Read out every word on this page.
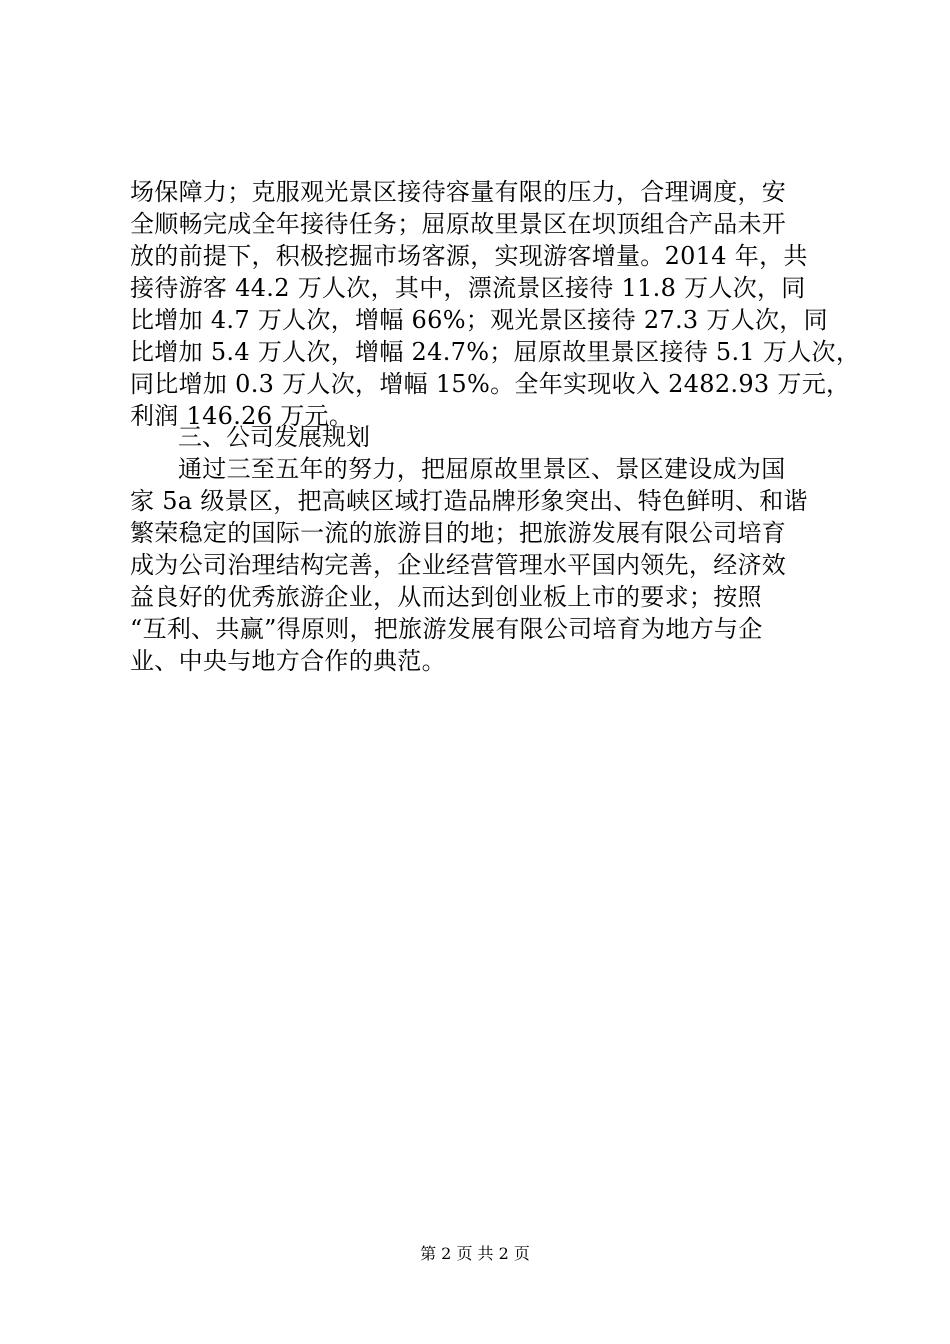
场保障力；克服观光景区接待容量有限的压力，合理调度，安
全顺畅完成全年接待任务；屈原故里景区在坝顶组合产品未开
放的前提下，积极挖掘市场客源，实现游客增量。2014 年，共
接待游客 44.2 万人次，其中，漂流景区接待 11.8 万人次，同
比增加 4.7 万人次，增幅 66%；观光景区接待 27.3 万人次，同
比增加 5.4 万人次，增幅 24.7%；屈原故里景区接待 5.1 万人次，
同比增加 0.3 万人次，增幅 15%。全年实现收入 2482.93 万元，
利润 146.26 万元。
三、公司发展规划
通过三至五年的努力，把屈原故里景区、景区建设成为国
家 5a 级景区，把高峡区域打造品牌形象突出、特色鲜明、和谐
繁荣稳定的国际一流的旅游目的地；把旅游发展有限公司培育
成为公司治理结构完善，企业经营管理水平国内领先，经济效
益良好的优秀旅游企业，从而达到创业板上市的要求；按照
“互利、共赢”得原则，把旅游发展有限公司培育为地方与企
业、中央与地方合作的典范。
第 2 页 共 2 页
